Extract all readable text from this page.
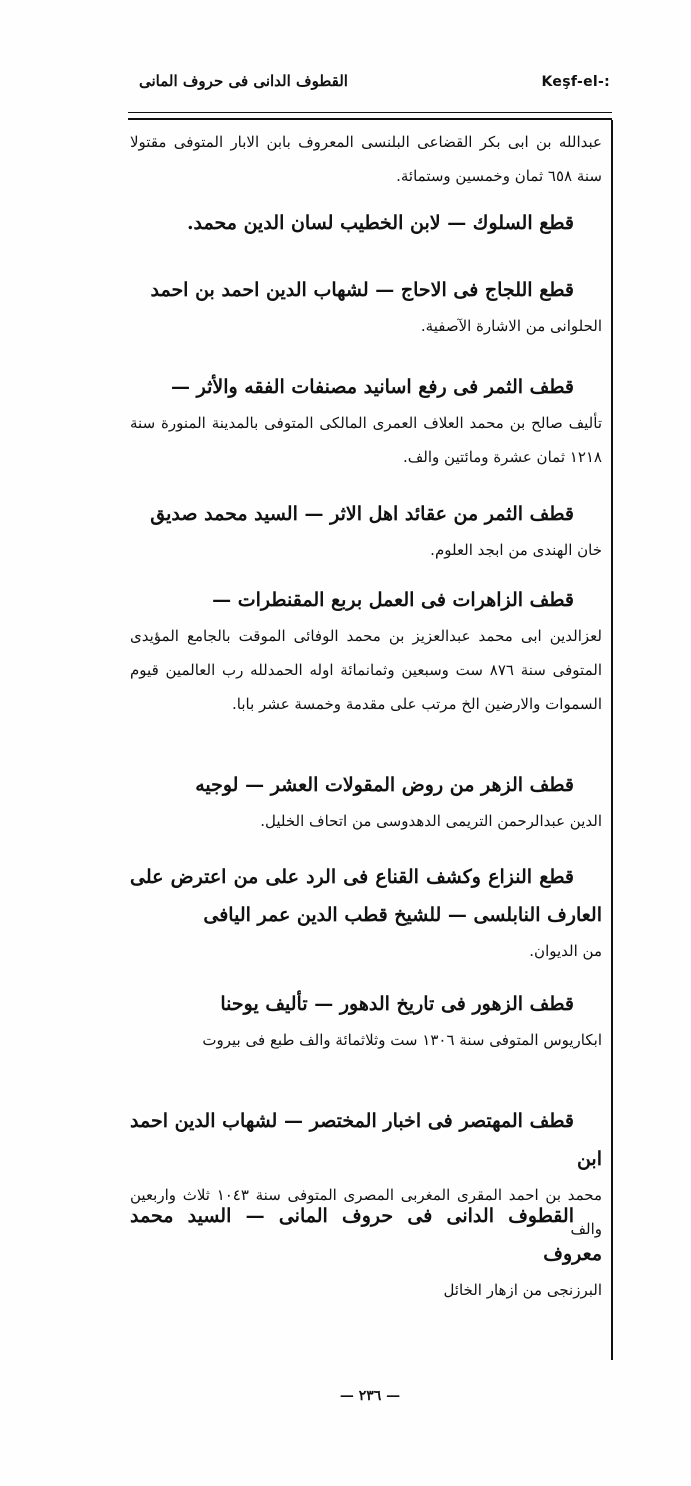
القطوف الدانى فى حروف المانى	Keşf-el-:

عبدالله بن ابى بكر القضاعى البلنسى المعروف بابن الابار المتوفى مقتولا سنة ٦٥٨ ثمان وخمسين وستمائة.

قطع السلوك — لابن الخطيب لسان الدين محمد.

قطع اللجاج فى الاحاج — لشهاب الدين احمد بن احمد

الحلوانى من الاشارة الآصفية.

قطف الثمر فى رفع اسانيد مصنفات الفقه والأثر —

تأليف صالح بن محمد العلاف العمرى المالكى المتوفى بالمدينة المنورة سنة ١٢١٨ ثمان عشرة ومائتين والف.

قطف الثمر من عقائد اهل الاثر — السيد محمد صديق

خان الهندى من ابجد العلوم.

قطف الزاهرات فى العمل بربع المقنطرات —

لعزالدين ابى محمد عبدالعزيز بن محمد الوفائى الموقت بالجامع المؤيدى المتوفى سنة ٨٧٦ ست وسبعين وثمانمائة اوله الحمدلله رب العالمين قيوم السموات والارضين الخ مرتب على مقدمة وخمسة عشر بابا.

قطف الزهر من روض المقولات العشر — لوجيه

الدين عبدالرحمن التريمى الدهدوسى من اتحاف الخليل.

قطع النزاع وكشف القناع فى الرد على من اعترض على العارف النابلسى — للشيخ قطب الدين عمر اليافى

من الديوان.

قطف الزهور فى تاريخ الدهور — تأليف يوحنا

ابكاريوس المتوفى سنة ١٣٠٦ ست وثلاثمائة والف طبع فى بيروت

قطف المهتصر فى اخبار المختصر — لشهاب الدين احمد ابن

محمد بن احمد المقرى المغربى المصرى المتوفى سنة ١٠٤٣ ثلاث واربعين والف

القطوف الدانى فى حروف المانى — السيد محمد معروف

البرزنجى من ازهار الخائل

— ٢٣٦ —
